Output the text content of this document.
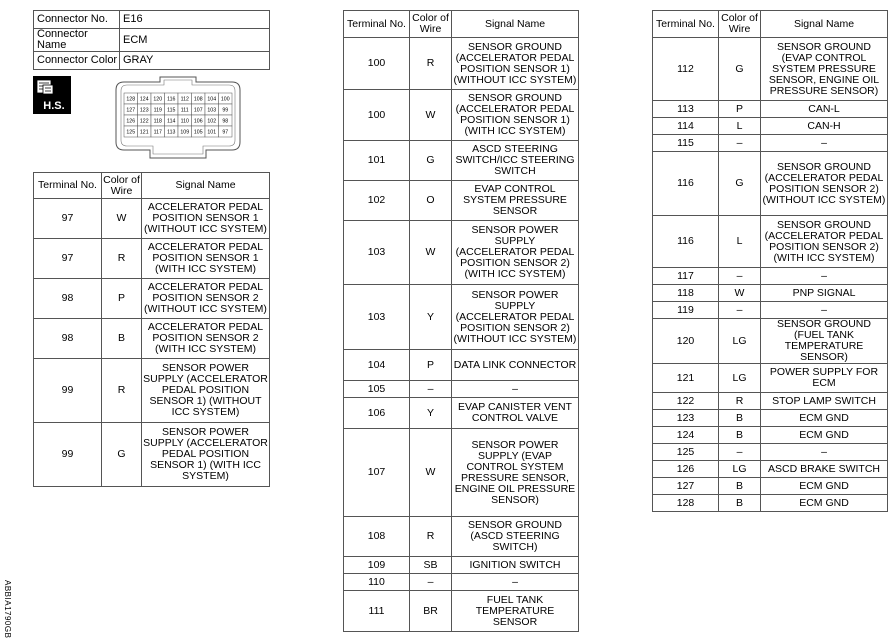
Connector No.	E16
Connector Name	ECM
Connector Color	GRAY
H.S.
128 124 120 116 112 108 104 100
127 123 119 115 111 107 103 99
126 122 118 114 110 106 102 98
125 121 117 113 109 105 101 97
Terminal No.	Color of Wire	Signal Name
97	W	ACCELERATOR PEDAL POSITION SENSOR 1 (WITHOUT ICC SYSTEM)
97	R	ACCELERATOR PEDAL POSITION SENSOR 1 (WITH ICC SYSTEM)
98	P	ACCELERATOR PEDAL POSITION SENSOR 2 (WITHOUT ICC SYSTEM)
98	B	ACCELERATOR PEDAL POSITION SENSOR 2 (WITH ICC SYSTEM)
99	R	SENSOR POWER SUPPLY (ACCELERATOR PEDAL POSITION SENSOR 1) (WITHOUT ICC SYSTEM)
99	G	SENSOR POWER SUPPLY (ACCELERATOR PEDAL POSITION SENSOR 1) (WITH ICC SYSTEM)
Terminal No.	Color of Wire	Signal Name
100	R	SENSOR GROUND (ACCELERATOR PEDAL POSITION SENSOR 1) (WITHOUT ICC SYSTEM)
100	W	SENSOR GROUND (ACCELERATOR PEDAL POSITION SENSOR 1) (WITH ICC SYSTEM)
101	G	ASCD STEERING SWITCH/ICC STEERING SWITCH
102	O	EVAP CONTROL SYSTEM PRESSURE SENSOR
103	W	SENSOR POWER SUPPLY (ACCELERATOR PEDAL POSITION SENSOR 2) (WITH ICC SYSTEM)
103	Y	SENSOR POWER SUPPLY (ACCELERATOR PEDAL POSITION SENSOR 2) (WITHOUT ICC SYSTEM)
104	P	DATA LINK CONNECTOR
105	–	–
106	Y	EVAP CANISTER VENT CONTROL VALVE
107	W	SENSOR POWER SUPPLY (EVAP CONTROL SYSTEM PRESSURE SENSOR, ENGINE OIL PRESSURE SENSOR)
108	R	SENSOR GROUND (ASCD STEERING SWITCH)
109	SB	IGNITION SWITCH
110	–	–
111	BR	FUEL TANK TEMPERATURE SENSOR
Terminal No.	Color of Wire	Signal Name
112	G	SENSOR GROUND (EVAP CONTROL SYSTEM PRESSURE SENSOR, ENGINE OIL PRESSURE SENSOR)
113	P	CAN-L
114	L	CAN-H
115	–	–
116	G	SENSOR GROUND (ACCELERATOR PEDAL POSITION SENSOR 2) (WITHOUT ICC SYSTEM)
116	L	SENSOR GROUND (ACCELERATOR PEDAL POSITION SENSOR 2) (WITH ICC SYSTEM)
117	–	–
118	W	PNP SIGNAL
119	–	–
120	LG	SENSOR GROUND (FUEL TANK TEMPERATURE SENSOR)
121	LG	POWER SUPPLY FOR ECM
122	R	STOP LAMP SWITCH
123	B	ECM GND
124	B	ECM GND
125	–	–
126	LG	ASCD BRAKE SWITCH
127	B	ECM GND
128	B	ECM GND
ABBIA1790GB
